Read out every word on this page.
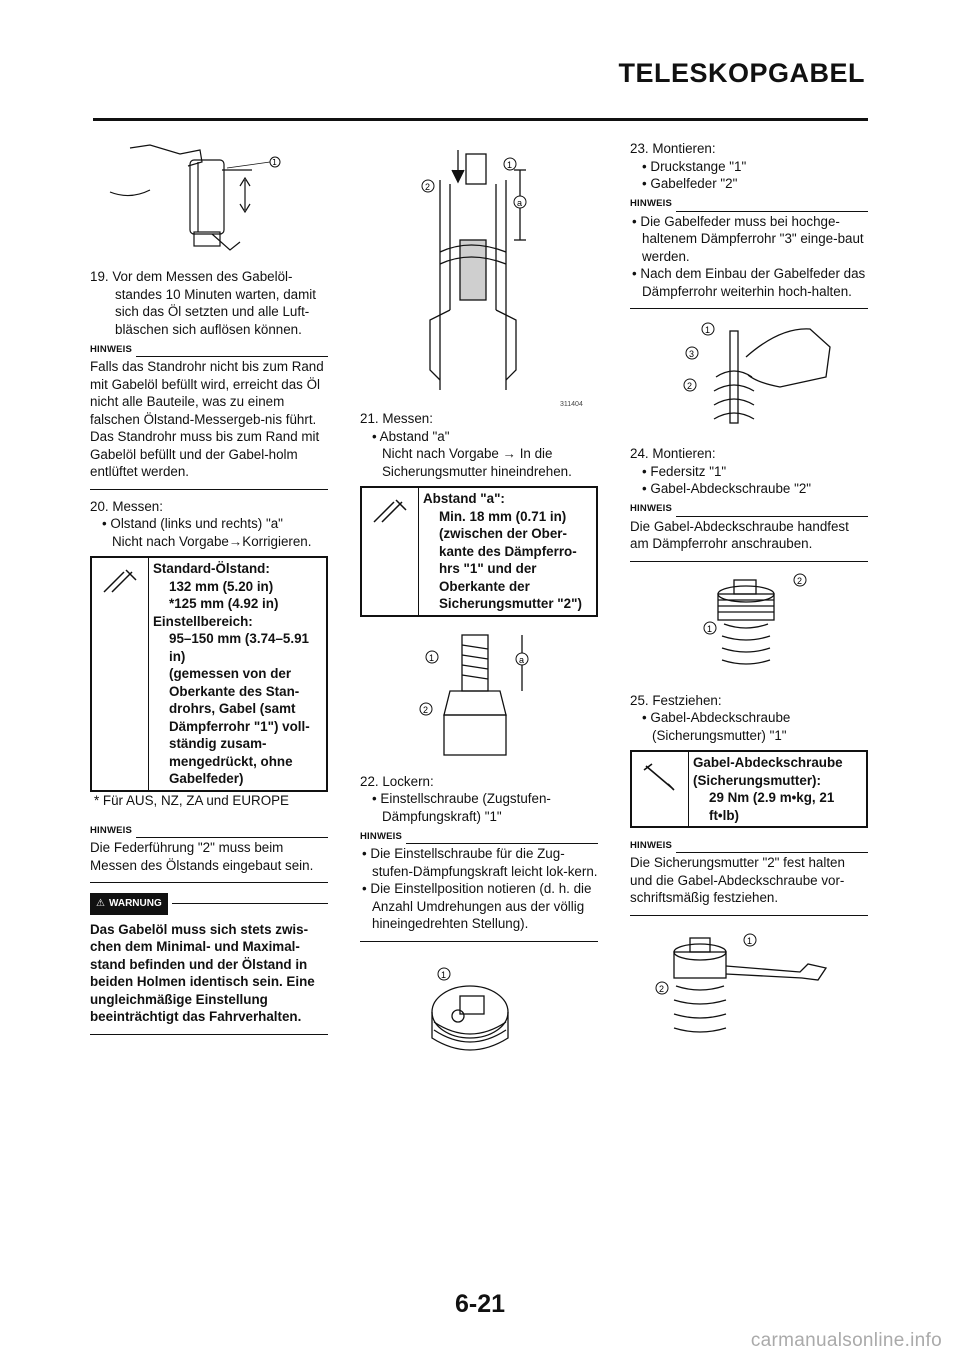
TELESKOPGABEL
1

19. Vor dem Messen des Gabelöl-standes 10 Minuten warten, damit sich das Öl setzten und alle Luft-bläschen sich auflösen können.

HINWEIS

Falls das Standrohr nicht bis zum Rand mit Gabelöl befüllt wird, erreicht das Öl nicht alle Bauteile, was zu einem falschen Ölstand-Messergeb-nis führt.

Das Standrohr muss bis zum Rand mit Gabelöl befüllt und der Gabel-holm entlüftet werden.

20. Messen:

• Olstand (links und rechts) "a"

Nicht nach Vorgabe→Korrigieren.

Standard-Ölstand:

132 mm (5.20 in)

*125 mm (4.92 in)

Einstellbereich:

95–150 mm (3.74–5.91 in)

(gemessen von der Oberkante des Stan-drohrs, Gabel (samt Dämpferrohr "1") voll-ständig zusam-mengedrückt, ohne Gabelfeder)

* Für AUS, NZ, ZA und EUROPE

HINWEIS

Die Federführung "2" muss beim Messen des Ölstands eingebaut sein.

⚠ WARNUNG

Das Gabelöl muss sich stets zwis-chen dem Minimal- und Maximal-stand befinden und der Ölstand in beiden Holmen identisch sein. Eine ungleichmäßige Einstellung beeinträchtigt das Fahrverhalten.

1
2
a
311404

21. Messen:

• Abstand "a"

Nicht nach Vorgabe → In die Sicherungsmutter hineindrehen.

Abstand "a":

Min. 18 mm (0.71 in) (zwischen der Ober-kante des Dämpferro-hrs "1" und der Oberkante der Sicherungsmutter "2")

1
2
a

22. Lockern:

• Einstellschraube (Zugstufen-Dämpfungskraft) "1"

HINWEIS

• Die Einstellschraube für die Zug-stufen-Dämpfungskraft leicht lok-kern.

• Die Einstellposition notieren (d. h. die Anzahl Umdrehungen aus der völlig hineingedrehten Stellung).

1

23. Montieren:

• Druckstange "1"

• Gabelfeder "2"

HINWEIS

• Die Gabelfeder muss bei hochge-haltenem Dämpferrohr "3" einge-baut werden.

• Nach dem Einbau der Gabelfeder das Dämpferrohr weiterhin hoch-halten.

1
3
2

24. Montieren:

• Federsitz "1"

• Gabel-Abdeckschraube "2"

HINWEIS

Die Gabel-Abdeckschraube handfest am Dämpferrohr anschrauben.

2
1

25. Festziehen:

• Gabel-Abdeckschraube

(Sicherungsmutter) "1"

Gabel-Abdeckschraube (Sicherungsmutter):

29 Nm (2.9 m•kg, 21 ft•lb)

HINWEIS

Die Sicherungsmutter "2" fest halten und die Gabel-Abdeckschraube vor-schriftsmäßig festziehen.

1
2
6-21
carmanualsonline.info
